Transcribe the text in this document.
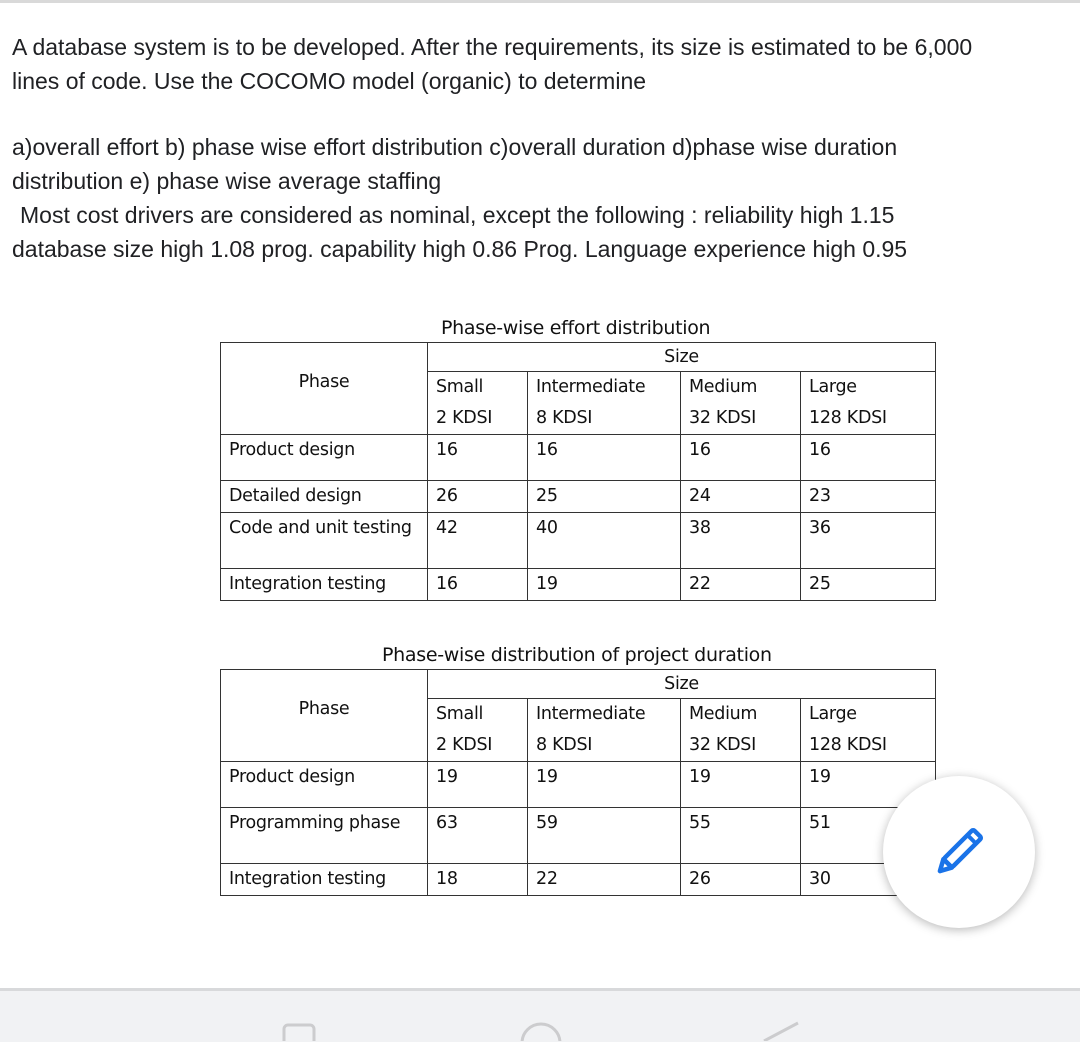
A database system is to be developed. After the requirements, its size is estimated to be 6,000

lines of code. Use the COCOMO model (organic) to determine

a)overall effort b) phase wise effort distribution c)overall duration d)phase wise duration

distribution e) phase wise average staffing

Most cost drivers are considered as nominal, except the following : reliability high 1.15

database size high 1.08 prog. capability high 0.86 Prog. Language experience high 0.95

Phase-wise effort distribution
Phase	Size			
	Small	Intermediate	Medium	Large
	2 KDSI	8 KDSI	32 KDSI	128 KDSI
Product design	16	16	16	16
Detailed design	26	25	24	23
Code and unit testing	42	40	38	36
Integration testing	16	19	22	25
Phase-wise distribution of project duration
Phase	Size			
	Small	Intermediate	Medium	Large
	2 KDSI	8 KDSI	32 KDSI	128 KDSI
Product design	19	19	19	19
Programming phase	63	59	55	51
Integration testing	18	22	26	30
